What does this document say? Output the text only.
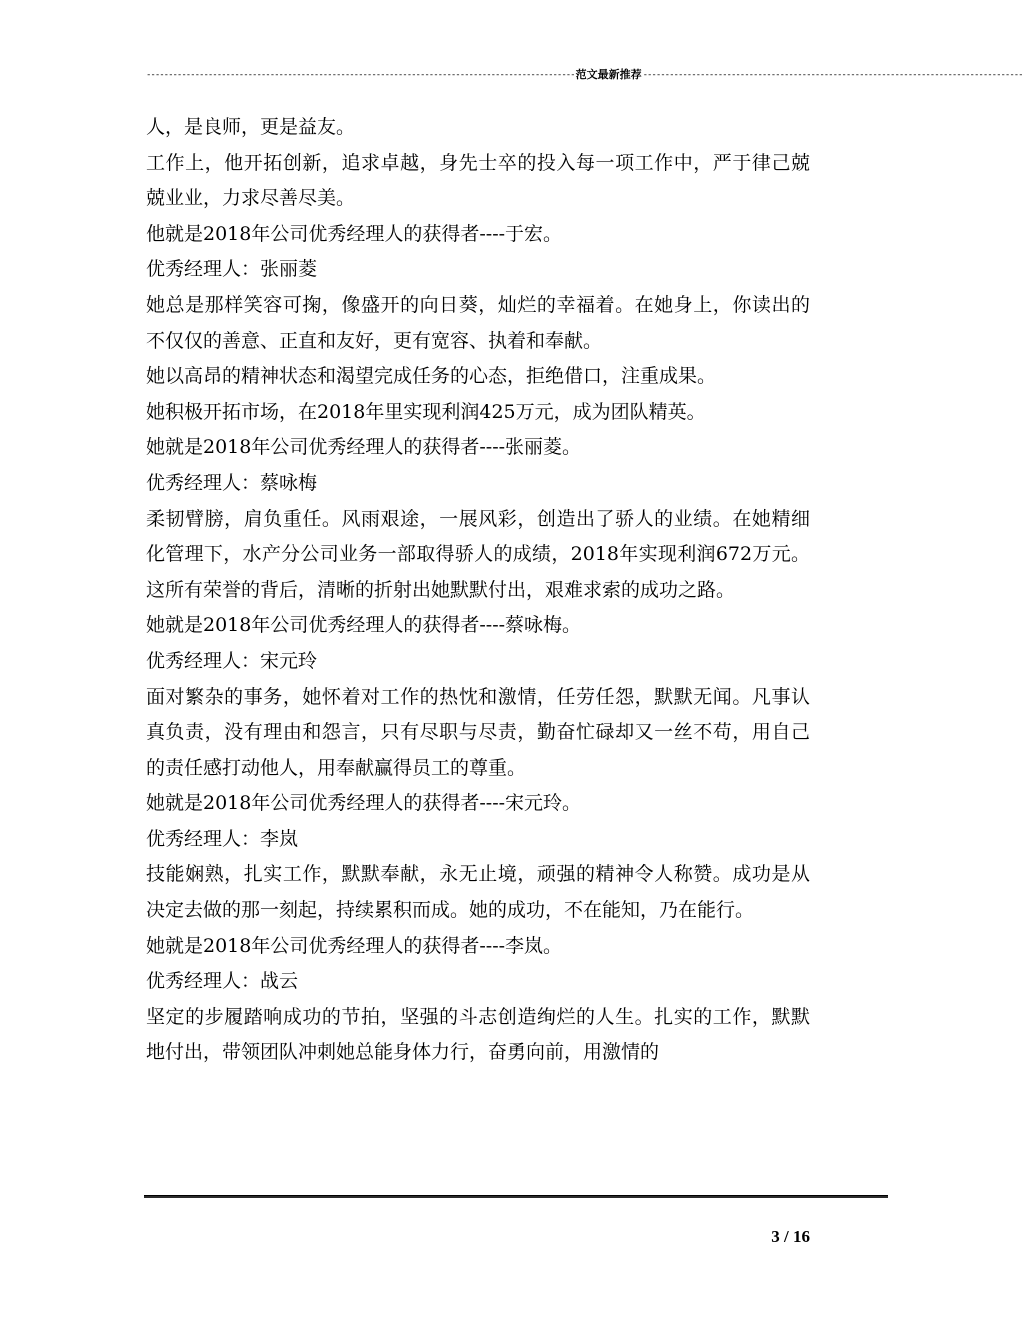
------------------------------------------------------------------------------------------------- 范文最新推荐 --------------------------------------------------------------------------------------

人，是良师，更是益友。

工作上，他开拓创新，追求卓越，身先士卒的投入每一项工作中，严于律己兢兢业业，力求尽善尽美。

他就是2018年公司优秀经理人的获得者----于宏。

优秀经理人：张丽菱

她总是那样笑容可掬，像盛开的向日葵，灿烂的幸福着。在她身上，你读出的不仅仅的善意、正直和友好，更有宽容、执着和奉献。

她以高昂的精神状态和渴望完成任务的心态，拒绝借口，注重成果。

她积极开拓市场，在2018年里实现利润425万元，成为团队精英。

她就是2018年公司优秀经理人的获得者----张丽菱。

优秀经理人：蔡咏梅

柔韧臂膀，肩负重任。风雨艰途，一展风彩，创造出了骄人的业绩。在她精细化管理下，水产分公司业务一部取得骄人的成绩，2018年实现利润672万元。这所有荣誉的背后，清晰的折射出她默默付出，艰难求索的成功之路。

她就是2018年公司优秀经理人的获得者----蔡咏梅。

优秀经理人：宋元玲

面对繁杂的事务，她怀着对工作的热忱和激情，任劳任怨，默默无闻。凡事认真负责，没有理由和怨言，只有尽职与尽责，勤奋忙碌却又一丝不苟，用自己的责任感打动他人，用奉献赢得员工的尊重。

她就是2018年公司优秀经理人的获得者----宋元玲。

优秀经理人：李岚

技能娴熟，扎实工作，默默奉献，永无止境，顽强的精神令人称赞。成功是从决定去做的那一刻起，持续累积而成。她的成功，不在能知，乃在能行。

她就是2018年公司优秀经理人的获得者----李岚。

优秀经理人：战云

坚定的步履踏响成功的节拍，坚强的斗志创造绚烂的人生。扎实的工作，默默地付出，带领团队冲刺她总能身体力行，奋勇向前，用激情的

3 / 16
